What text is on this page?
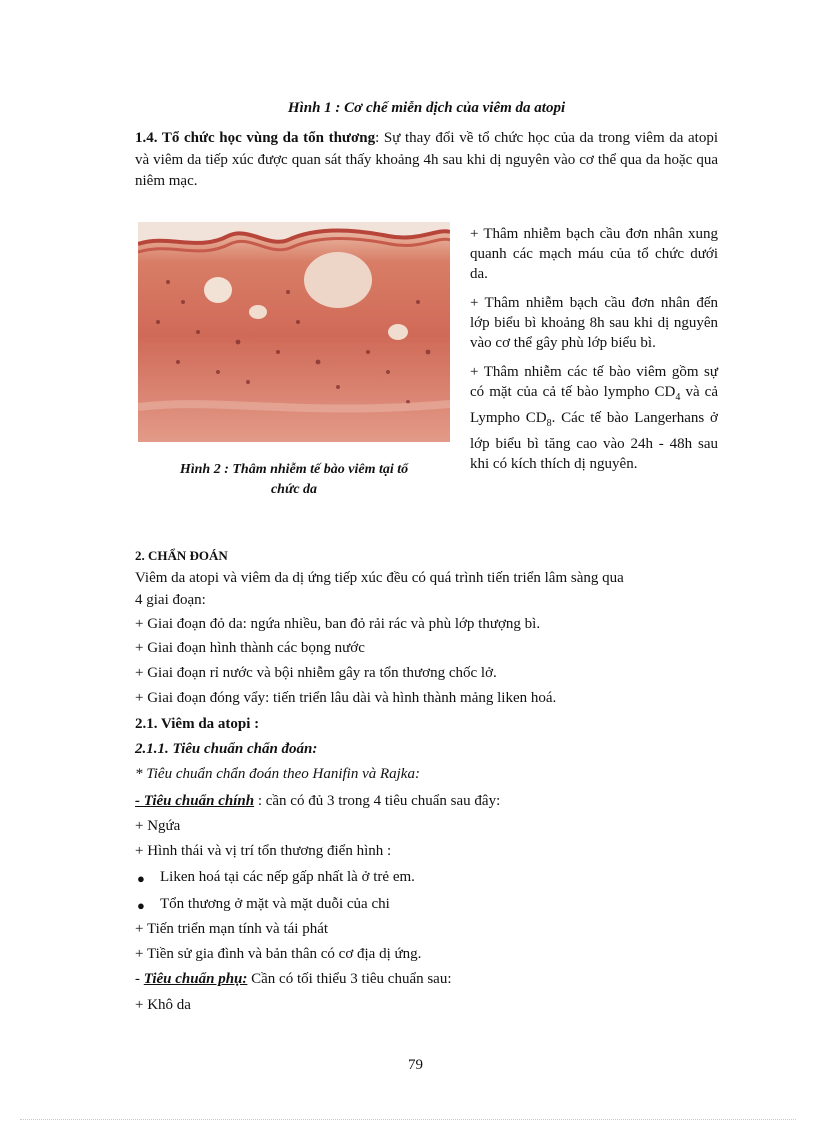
Hình 1 : Cơ chế miễn dịch của viêm da atopi
1.4. Tổ chức học vùng da tổn thương: Sự thay đổi về tổ chức học của da trong viêm da atopi và viêm da tiếp xúc được quan sát thấy khoảng 4h sau khi dị nguyên vào cơ thể qua da hoặc qua niêm mạc.
Hình 2 : Thâm nhiễm tế bào viêm tại tổ
chức da

+ Thâm nhiễm bạch cầu đơn nhân xung quanh các mạch máu của tổ chức dưới da.

+ Thâm nhiễm bạch cầu đơn nhân đến lớp biểu bì khoảng 8h sau khi dị nguyên vào cơ thể gây phù lớp biểu bì.

+ Thâm nhiễm các tế bào viêm gồm sự có mặt của cả tế bào lympho $CD_4$ và cả Lympho $CD_8$. Các tế bào Langerhans ở lớp biểu bì tăng cao vào 24h - 48h sau khi có kích thích dị nguyên.

2. CHẨN ĐOÁN
Viêm da atopi và viêm da dị ứng tiếp xúc đều có quá trình tiến triển lâm sàng qua
4 giai đoạn:
+ Giai đoạn đỏ da: ngứa nhiều, ban đỏ rải rác và phù lớp thượng bì.
+ Giai đoạn hình thành các bọng nước
+ Giai đoạn rỉ nước và bội nhiễm gây ra tổn thương chốc lở.
+ Giai đoạn đóng vẩy: tiến triển lâu dài và hình thành mảng liken hoá.
2.1. Viêm da atopi :
2.1.1. Tiêu chuẩn chẩn đoán:
* Tiêu chuẩn chẩn đoán theo Hanifin và Rajka:
- Tiêu chuẩn chính : cần có đủ 3 trong 4 tiêu chuẩn sau đây:
+ Ngứa
+ Hình thái và vị trí tổn thương điển hình :
● Liken hoá tại các nếp gấp nhất là ở trẻ em.
● Tổn thương ở mặt và mặt duỗi của chi
+ Tiến triển mạn tính và tái phát
+ Tiền sử gia đình và bản thân có cơ địa dị ứng.
- Tiêu chuẩn phụ: Cần có tối thiểu 3 tiêu chuẩn sau:
+ Khô da
79
